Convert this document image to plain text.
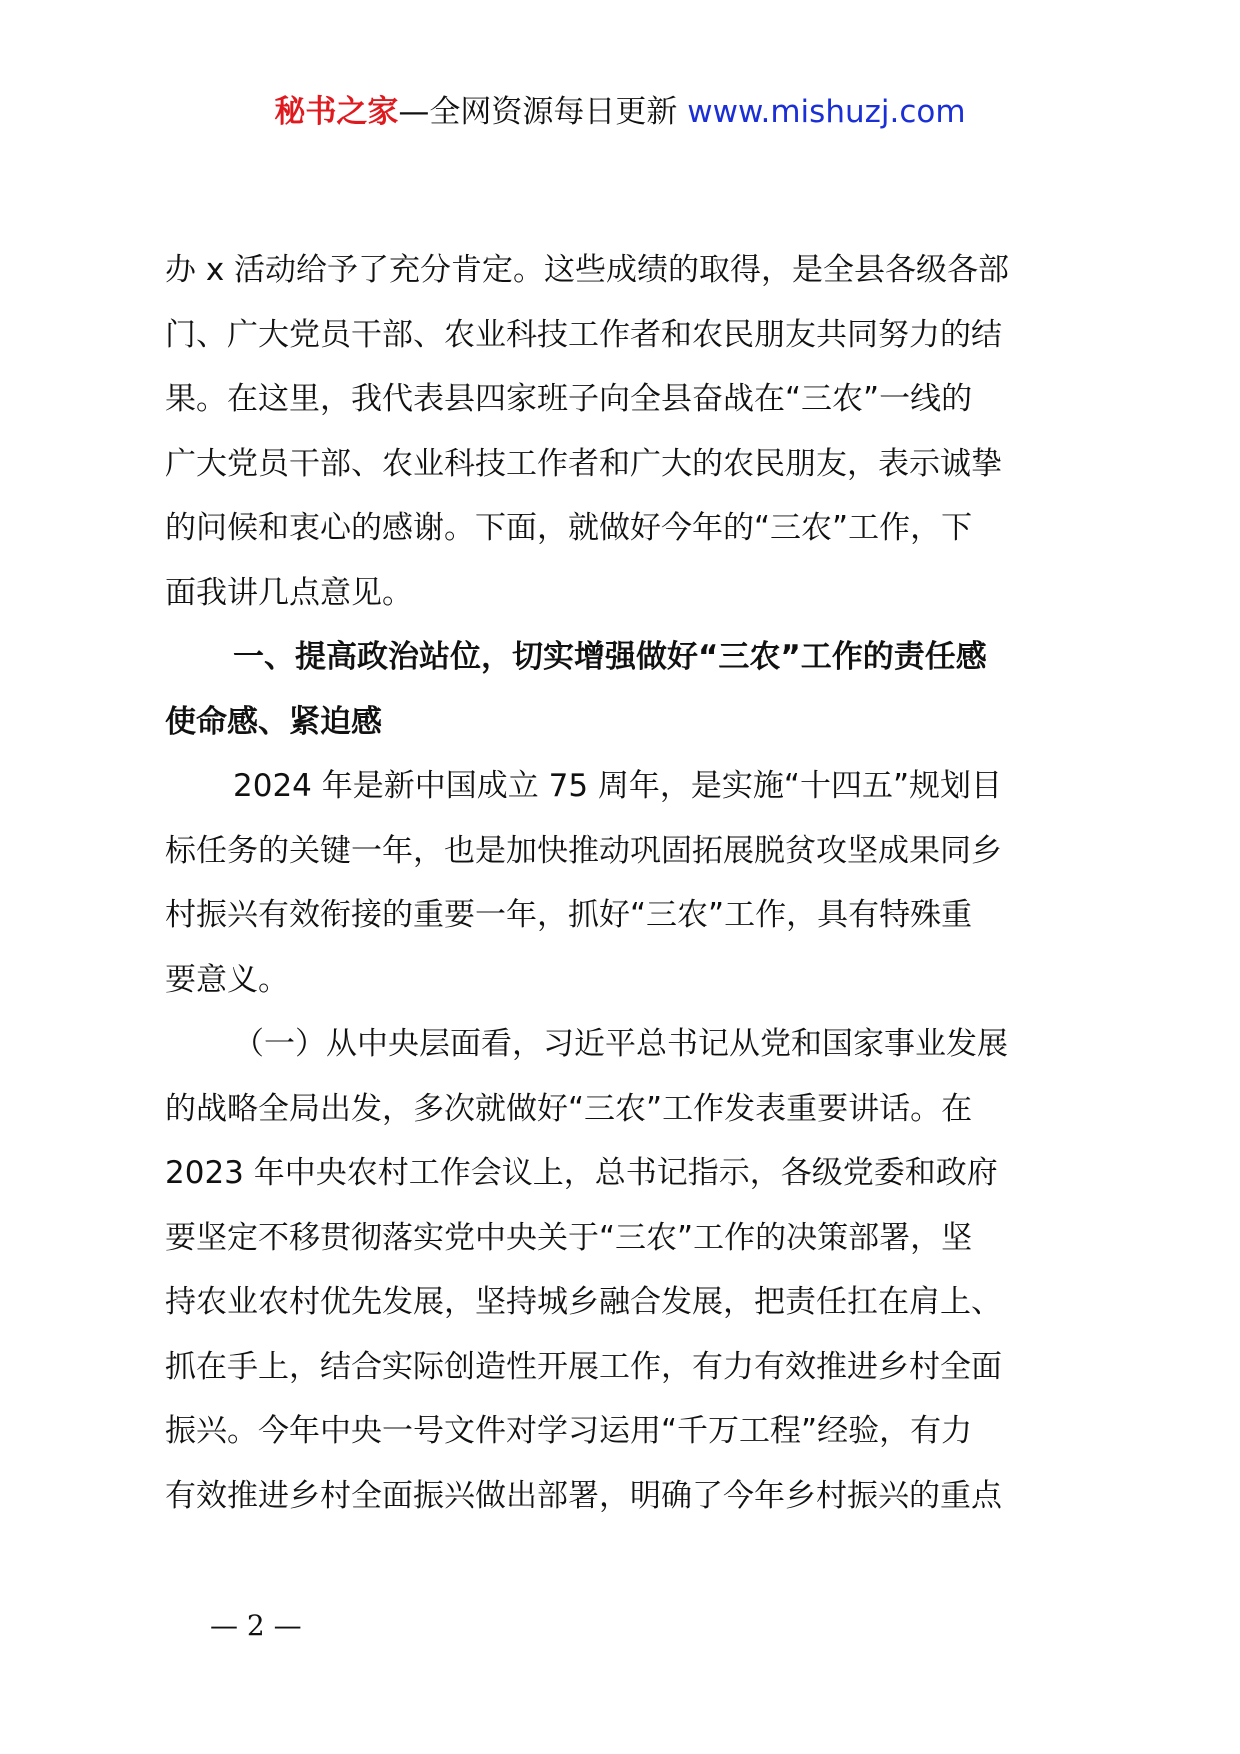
秘书之家—全网资源每日更新 www.mishuzj.com
办 x 活动给予了充分肯定。这些成绩的取得，是全县各级各部
门、广大党员干部、农业科技工作者和农民朋友共同努力的结
果。在这里，我代表县四家班子向全县奋战在“三农”一线的
广大党员干部、农业科技工作者和广大的农民朋友，表示诚挚
的问候和衷心的感谢。下面，就做好今年的“三农”工作，下
面我讲几点意见。
一、提高政治站位，切实增强做好“三农”工作的责任感
使命感、紧迫感
2024 年是新中国成立 75 周年，是实施“十四五”规划目
标任务的关键一年，也是加快推动巩固拓展脱贫攻坚成果同乡
村振兴有效衔接的重要一年，抓好“三农”工作，具有特殊重
要意义。
（一）从中央层面看，习近平总书记从党和国家事业发展
的战略全局出发，多次就做好“三农”工作发表重要讲话。在
2023 年中央农村工作会议上，总书记指示，各级党委和政府
要坚定不移贯彻落实党中央关于“三农”工作的决策部署，坚
持农业农村优先发展，坚持城乡融合发展，把责任扛在肩上、
抓在手上，结合实际创造性开展工作，有力有效推进乡村全面
振兴。今年中央一号文件对学习运用“千万工程”经验，有力
有效推进乡村全面振兴做出部署，明确了今年乡村振兴的重点
— 2 —
